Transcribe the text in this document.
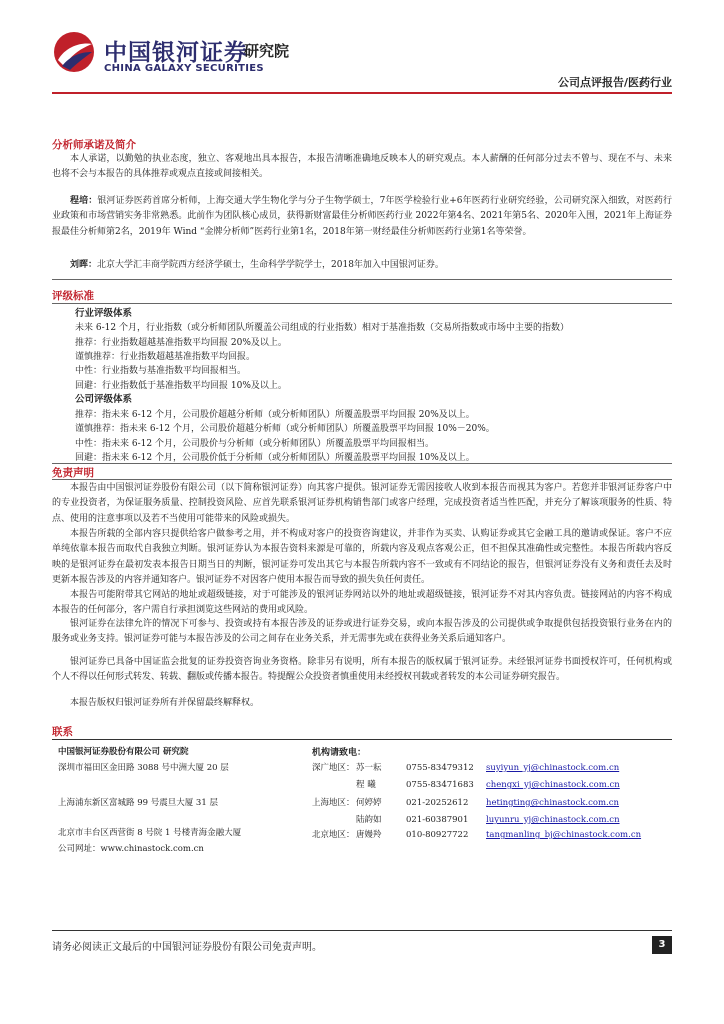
中国银河证券
研究院
CHINA GALAXY SECURITIES
公司点评报告/医药行业
分析师承诺及简介
本人承诺，以勤勉的执业态度，独立、客观地出具本报告，本报告清晰准确地反映本人的研究观点。本人薪酬的任何部分过去不曾与、现在不与、未来也将不会与本报告的具体推荐或观点直接或间接相关。
程培：银河证券医药首席分析师，上海交通大学生物化学与分子生物学硕士，7年医学检验行业+6年医药行业研究经验，公司研究深入细致，对医药行业政策和市场营销实务非常熟悉。此前作为团队核心成员，获得新财富最佳分析师医药行业 2022年第4名、2021年第5名、2020年入围，2021年上海证券报最佳分析师第2名，2019年 Wind “金牌分析师”医药行业第1名，2018年第一财经最佳分析师医药行业第1名等荣誉。
刘晖：北京大学汇丰商学院西方经济学硕士，生命科学学院学士，2018年加入中国银河证券。
评级标准
行业评级体系
未来 6-12 个月，行业指数（或分析师团队所覆盖公司组成的行业指数）相对于基准指数（交易所指数或市场中主要的指数）
推荐：行业指数超越基准指数平均回报 20%及以上。
谨慎推荐：行业指数超越基准指数平均回报。
中性：行业指数与基准指数平均回报相当。
回避：行业指数低于基准指数平均回报 10%及以上。
公司评级体系
推荐：指未来 6-12 个月，公司股价超越分析师（或分析师团队）所覆盖股票平均回报 20%及以上。
谨慎推荐：指未来 6-12 个月，公司股价超越分析师（或分析师团队）所覆盖股票平均回报 10%－20%。
中性：指未来 6-12 个月，公司股价与分析师（或分析师团队）所覆盖股票平均回报相当。
回避：指未来 6-12 个月，公司股价低于分析师（或分析师团队）所覆盖股票平均回报 10%及以上。
免责声明
本报告由中国银河证券股份有限公司（以下简称银河证券）向其客户提供。银河证券无需因接收人收到本报告而视其为客户。若您并非银河证券客户中的专业投资者，为保证服务质量、控制投资风险、应首先联系银河证券机构销售部门或客户经理，完成投资者适当性匹配，并充分了解该项服务的性质、特点、使用的注意事项以及若不当使用可能带来的风险或损失。
本报告所载的全部内容只提供给客户做参考之用，并不构成对客户的投资咨询建议，并非作为买卖、认购证券或其它金融工具的邀请或保证。客户不应单纯依靠本报告而取代自我独立判断。银河证券认为本报告资料来源是可靠的，所载内容及观点客观公正，但不担保其准确性或完整性。本报告所载内容反映的是银河证券在最初发表本报告日期当日的判断，银河证券可发出其它与本报告所载内容不一致或有不同结论的报告，但银河证券没有义务和责任去及时更新本报告涉及的内容并通知客户。银河证券不对因客户使用本报告而导致的损失负任何责任。
本报告可能附带其它网站的地址或超级链接，对于可能涉及的银河证券网站以外的地址或超级链接，银河证券不对其内容负责。链接网站的内容不构成本报告的任何部分，客户需自行承担浏览这些网站的费用或风险。
银河证券在法律允许的情况下可参与、投资或持有本报告涉及的证券或进行证券交易，或向本报告涉及的公司提供或争取提供包括投资银行业务在内的服务或业务支持。银河证券可能与本报告涉及的公司之间存在业务关系，并无需事先或在获得业务关系后通知客户。
银河证券已具备中国证监会批复的证券投资咨询业务资格。除非另有说明，所有本报告的版权属于银河证券。未经银河证券书面授权许可，任何机构或个人不得以任何形式转发、转载、翻版或传播本报告。特提醒公众投资者慎重使用未经授权刊载或者转发的本公司证券研究报告。
本报告版权归银河证券所有并保留最终解释权。
联系
中国银河证券股份有限公司 研究院
深圳市福田区金田路 3088 号中洲大厦 20 层
上海浦东新区富城路 99 号震旦大厦 31 层
北京市丰台区西营街 8 号院 1 号楼青海金融大厦
公司网址：www.chinastock.com.cn
机构请致电：
深广地区：苏一耘	0755-83479312 suyiyun_yj@chinastock.com.cn
程 曦	0755-83471683 chengxi_yj@chinastock.com.cn
上海地区：何婷婷	021-20252612 hetingting@chinastock.com.cn
陆韵如	021-60387901 luyunru_yj@chinastock.com.cn
北京地区：唐嫚羚	010-80927722 tangmanling_bj@chinastock.com.cn
请务必阅读正文最后的中国银河证券股份有限公司免责声明。	3
